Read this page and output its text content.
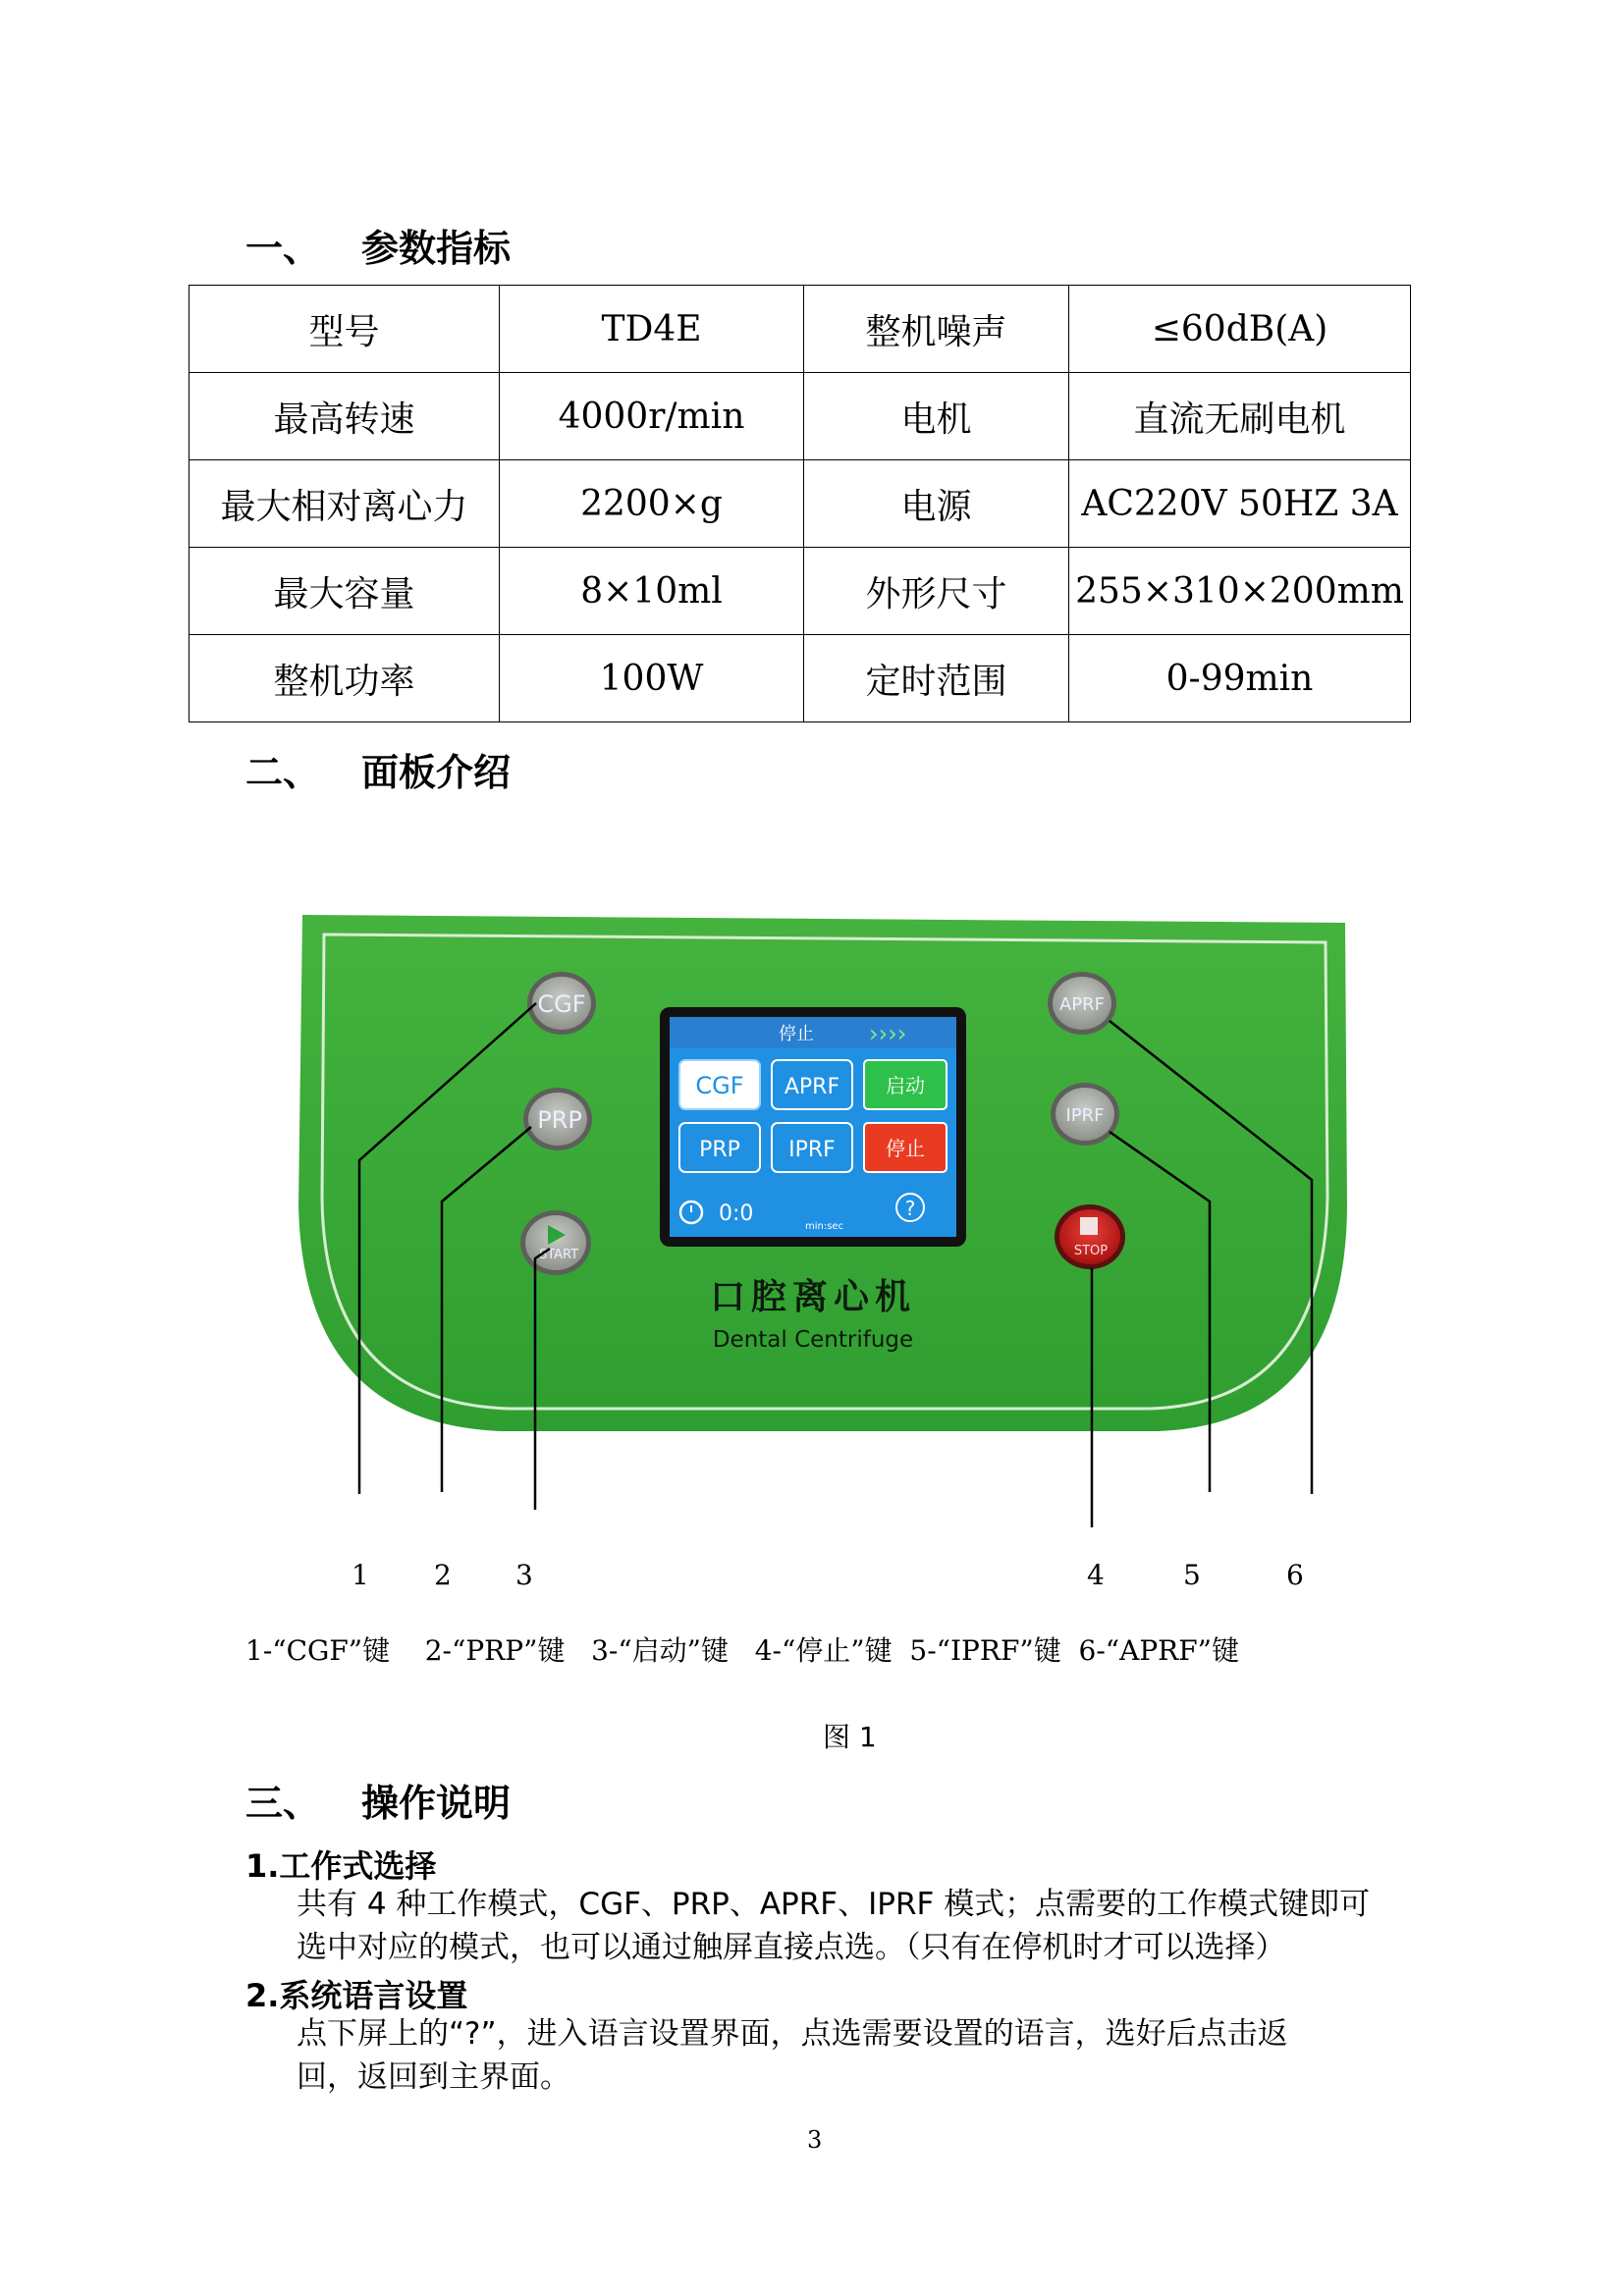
一、 参数指标
型号	TD4E	整机噪声	≤60dB(A)
最高转速	4000r/min	电机	直流无刷电机
最大相对离心力	2200×g	电源	AC220V 50HZ 3A
最大容量	8×10ml	外形尺寸	255×310×200mm
整机功率	100W	定时范围	0-99min
二、 面板介绍
CGF
PRP
START
APRF
IPRF
STOP
停止 ››››
CGF APRF
PRP IPRF
启动
停止
0:0
min:sec
?
口腔离心机
Dental Centrifuge
1 2 3	4	5	6
1-“CGF”键    2-“PRP”键   3-“启动”键   4-“停止”键  5-“IPRF”键  6-“APRF”键
图 1
三、 操作说明
1.工作式选择
共有 4 种工作模式，CGF、PRP、APRF、IPRF 模式；点需要的工作模式键即可
选中对应的模式，也可以通过触屏直接点选。（只有在停机时才可以选择）
2.系统语言设置
点下屏上的“?”，进入语言设置界面，点选需要设置的语言，选好后点击返
回，返回到主界面。
3
